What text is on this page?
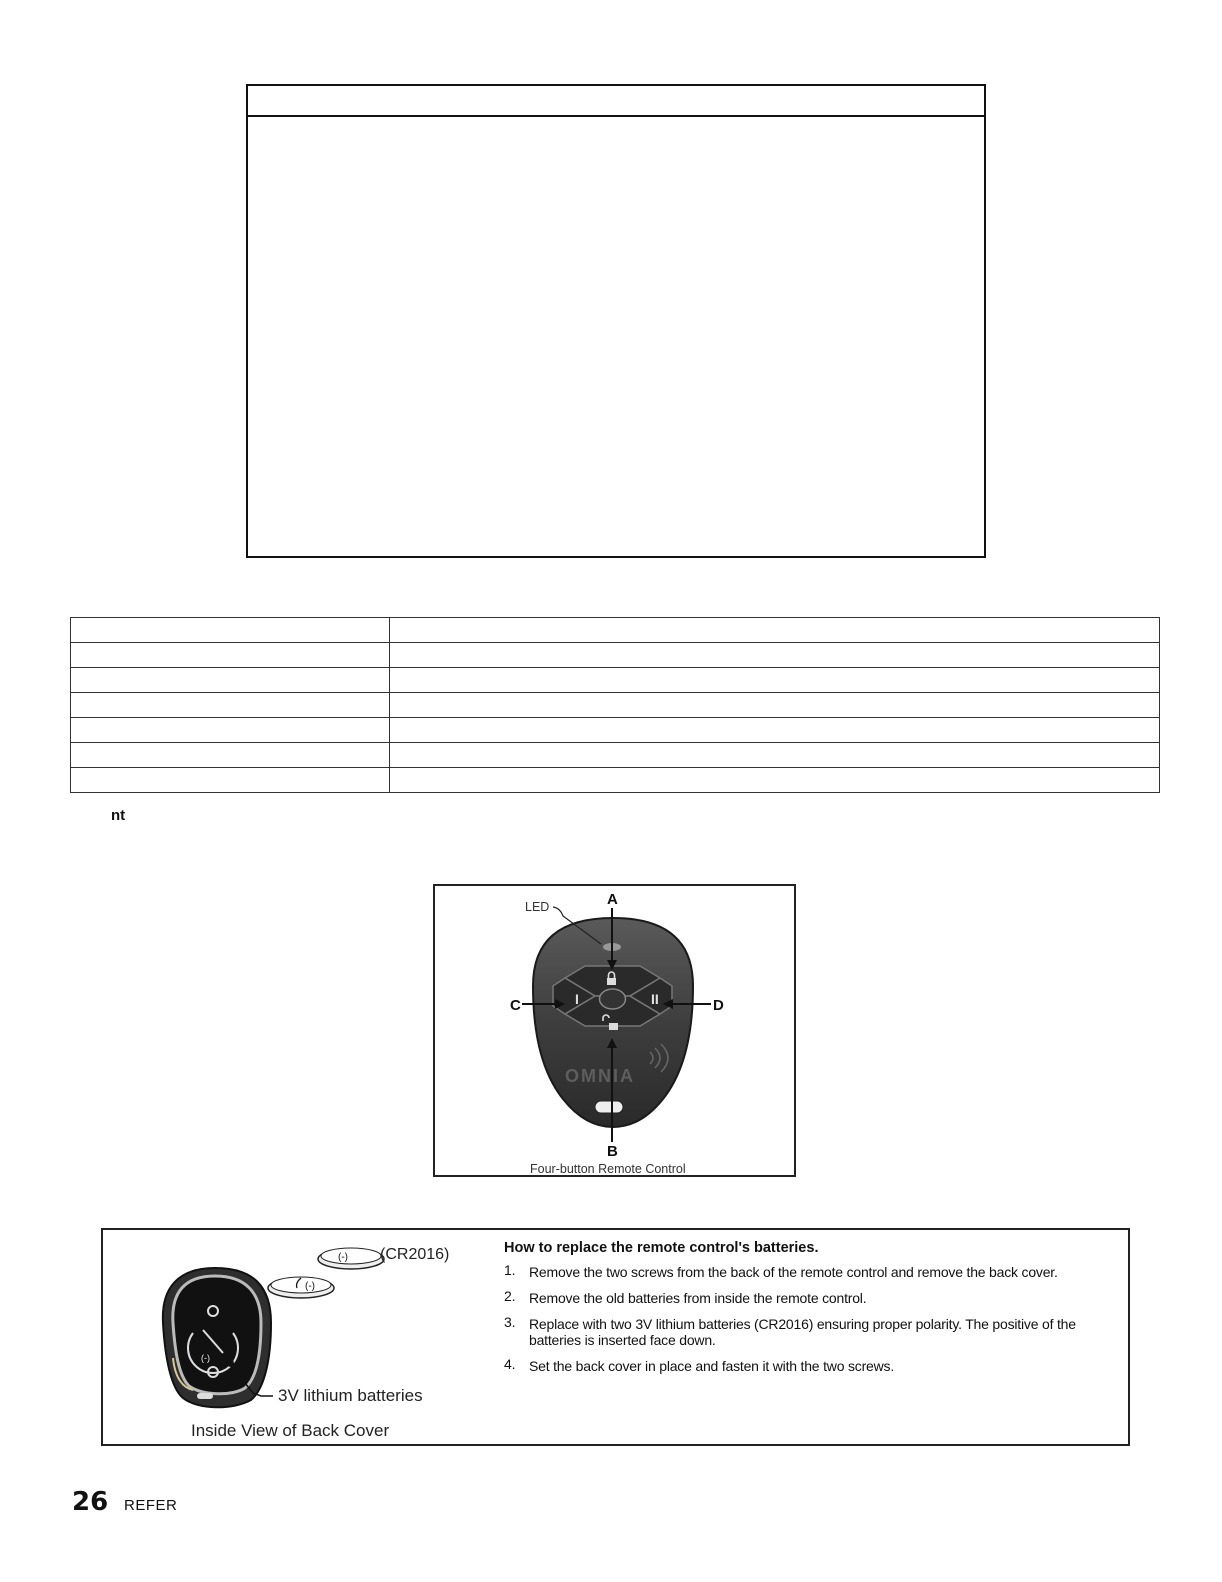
nt
I	II
OMNIA
LED	A
C	D
B
Four-button Remote Control
(-)
(-)
(CR2016)
(-)
3V lithium batteries
Inside View of Back Cover

How to replace the remote control's batteries.

1. Remove the two screws from the back of the remote control and remove the back cover.
2. Remove the old batteries from inside the remote control.
3. Replace with two 3V lithium batteries (CR2016) ensuring proper polarity. The positive of the batteries is inserted face down.
4. Set the back cover in place and fasten it with the two screws.
26 REFER
